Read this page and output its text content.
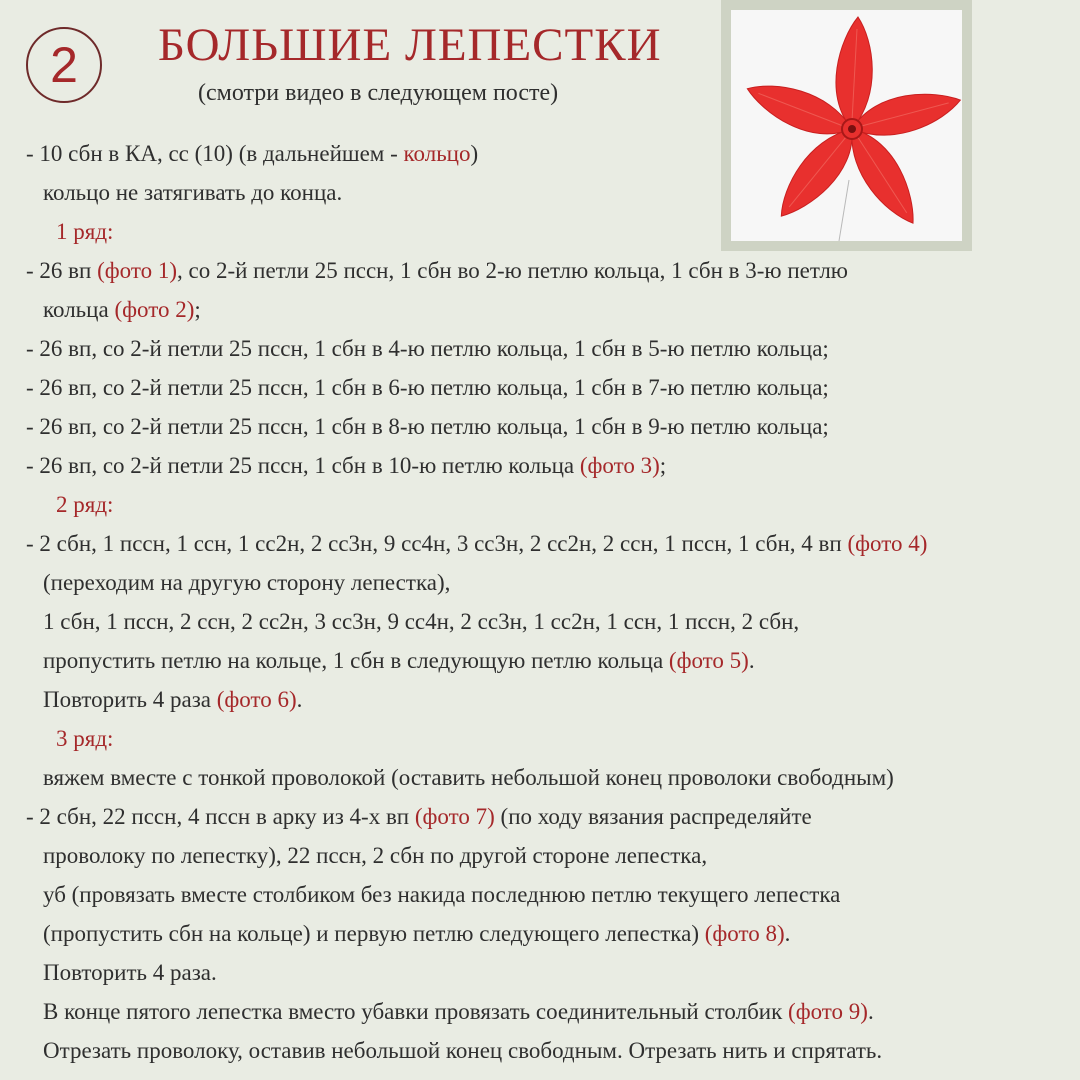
2 БОЛЬШИЕ ЛЕПЕСТКИ
(смотри видео в следующем посте)
- 10 сбн в КА, сс (10) (в дальнейшем - кольцо)
кольцо не затягивать до конца.
1 ряд:
- 26 вп (фото 1), со 2-й петли 25 пссн, 1 сбн во 2-ю петлю кольца, 1 сбн в 3-ю петлю
кольца (фото 2);
- 26 вп, со 2-й петли 25 пссн, 1 сбн в 4-ю петлю кольца, 1 сбн в 5-ю петлю кольца;
- 26 вп, со 2-й петли 25 пссн, 1 сбн в 6-ю петлю кольца, 1 сбн в 7-ю петлю кольца;
- 26 вп, со 2-й петли 25 пссн, 1 сбн в 8-ю петлю кольца, 1 сбн в 9-ю петлю кольца;
- 26 вп, со 2-й петли 25 пссн, 1 сбн в 10-ю петлю кольца (фото 3);
2 ряд:
- 2 сбн, 1 пссн, 1 ссн, 1 сс2н, 2 сс3н, 9 сс4н, 3 сс3н, 2 сс2н, 2 ссн, 1 пссн, 1 сбн, 4 вп (фото 4)
(переходим на другую сторону лепестка),
1 сбн, 1 пссн, 2 ссн, 2 сс2н, 3 сс3н, 9 сс4н, 2 сс3н, 1 сс2н, 1 ссн, 1 пссн, 2 сбн,
пропустить петлю на кольце, 1 сбн в следующую петлю кольца (фото 5).
Повторить 4 раза (фото 6).
3 ряд:
вяжем вместе с тонкой проволокой (оставить небольшой конец проволоки свободным)
- 2 сбн, 22 пссн, 4 пссн в арку из 4-х вп (фото 7) (по ходу вязания распределяйте
проволоку по лепестку), 22 пссн, 2 сбн по другой стороне лепестка,
уб (провязать вместе столбиком без накида последнюю петлю текущего лепестка
(пропустить сбн на кольце) и первую петлю следующего лепестка) (фото 8).
Повторить 4 раза.
В конце пятого лепестка вместо убавки провязать соединительный столбик (фото 9).
Отрезать проволоку, оставив небольшой конец свободным. Отрезать нить и спрятать.
